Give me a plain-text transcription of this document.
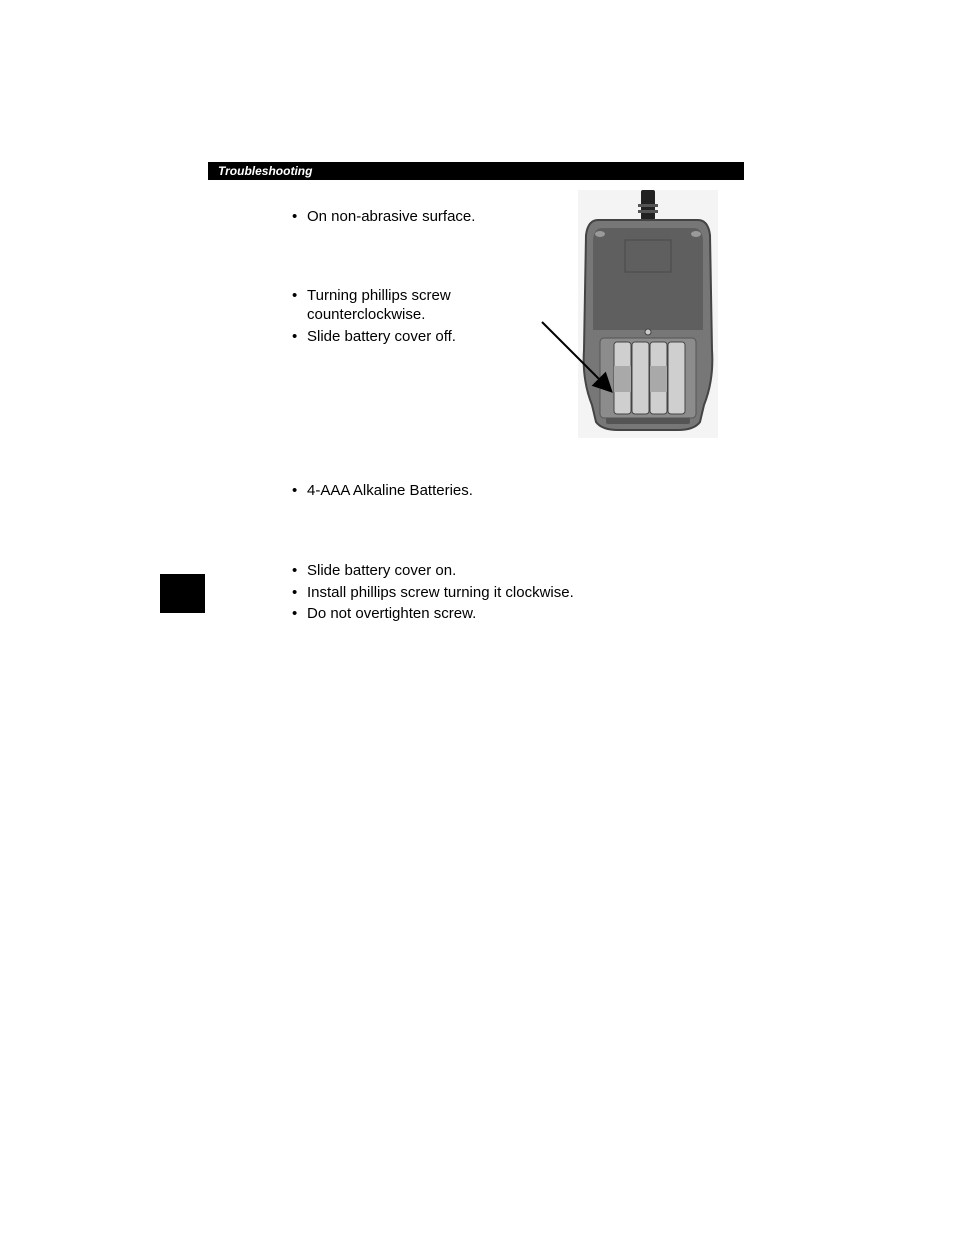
Troubleshooting
• On non-abrasive surface.
• Turning phillips screw counterclockwise.
• Slide battery cover off.
• 4-AAA Alkaline Batteries.
• Slide battery cover on.
• Install phillips screw turning it clockwise.
• Do not overtighten screw.
